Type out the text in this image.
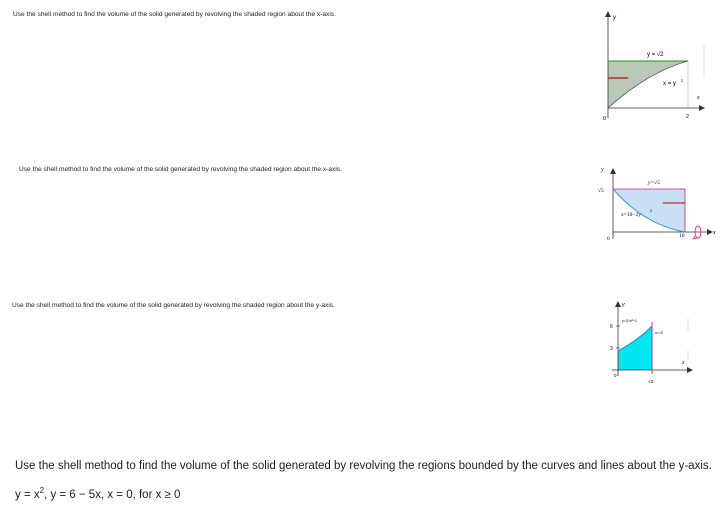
Use the shell method to find the volume of the solid generated by revolving the shaded region about the x-axis.	y
x
y = √2
x = y
2
0	2
Use the shell method to find the volume of the solid generated by revolving the shaded region about the x-axis.	y
x
y=√5
x=10−2y
2
√5
0	10
Use the shell method to find the volume of the solid generated by revolving the shaded region about the y-axis.	y
x
y=3√x²+1
x=√3
6
3
0
√3
Use the shell method to find the volume of the solid generated by revolving the regions bounded by the curves and lines about the y-axis.
$y = x^2$, y = 6 − 5x, x = 0, for x ≥ 0
